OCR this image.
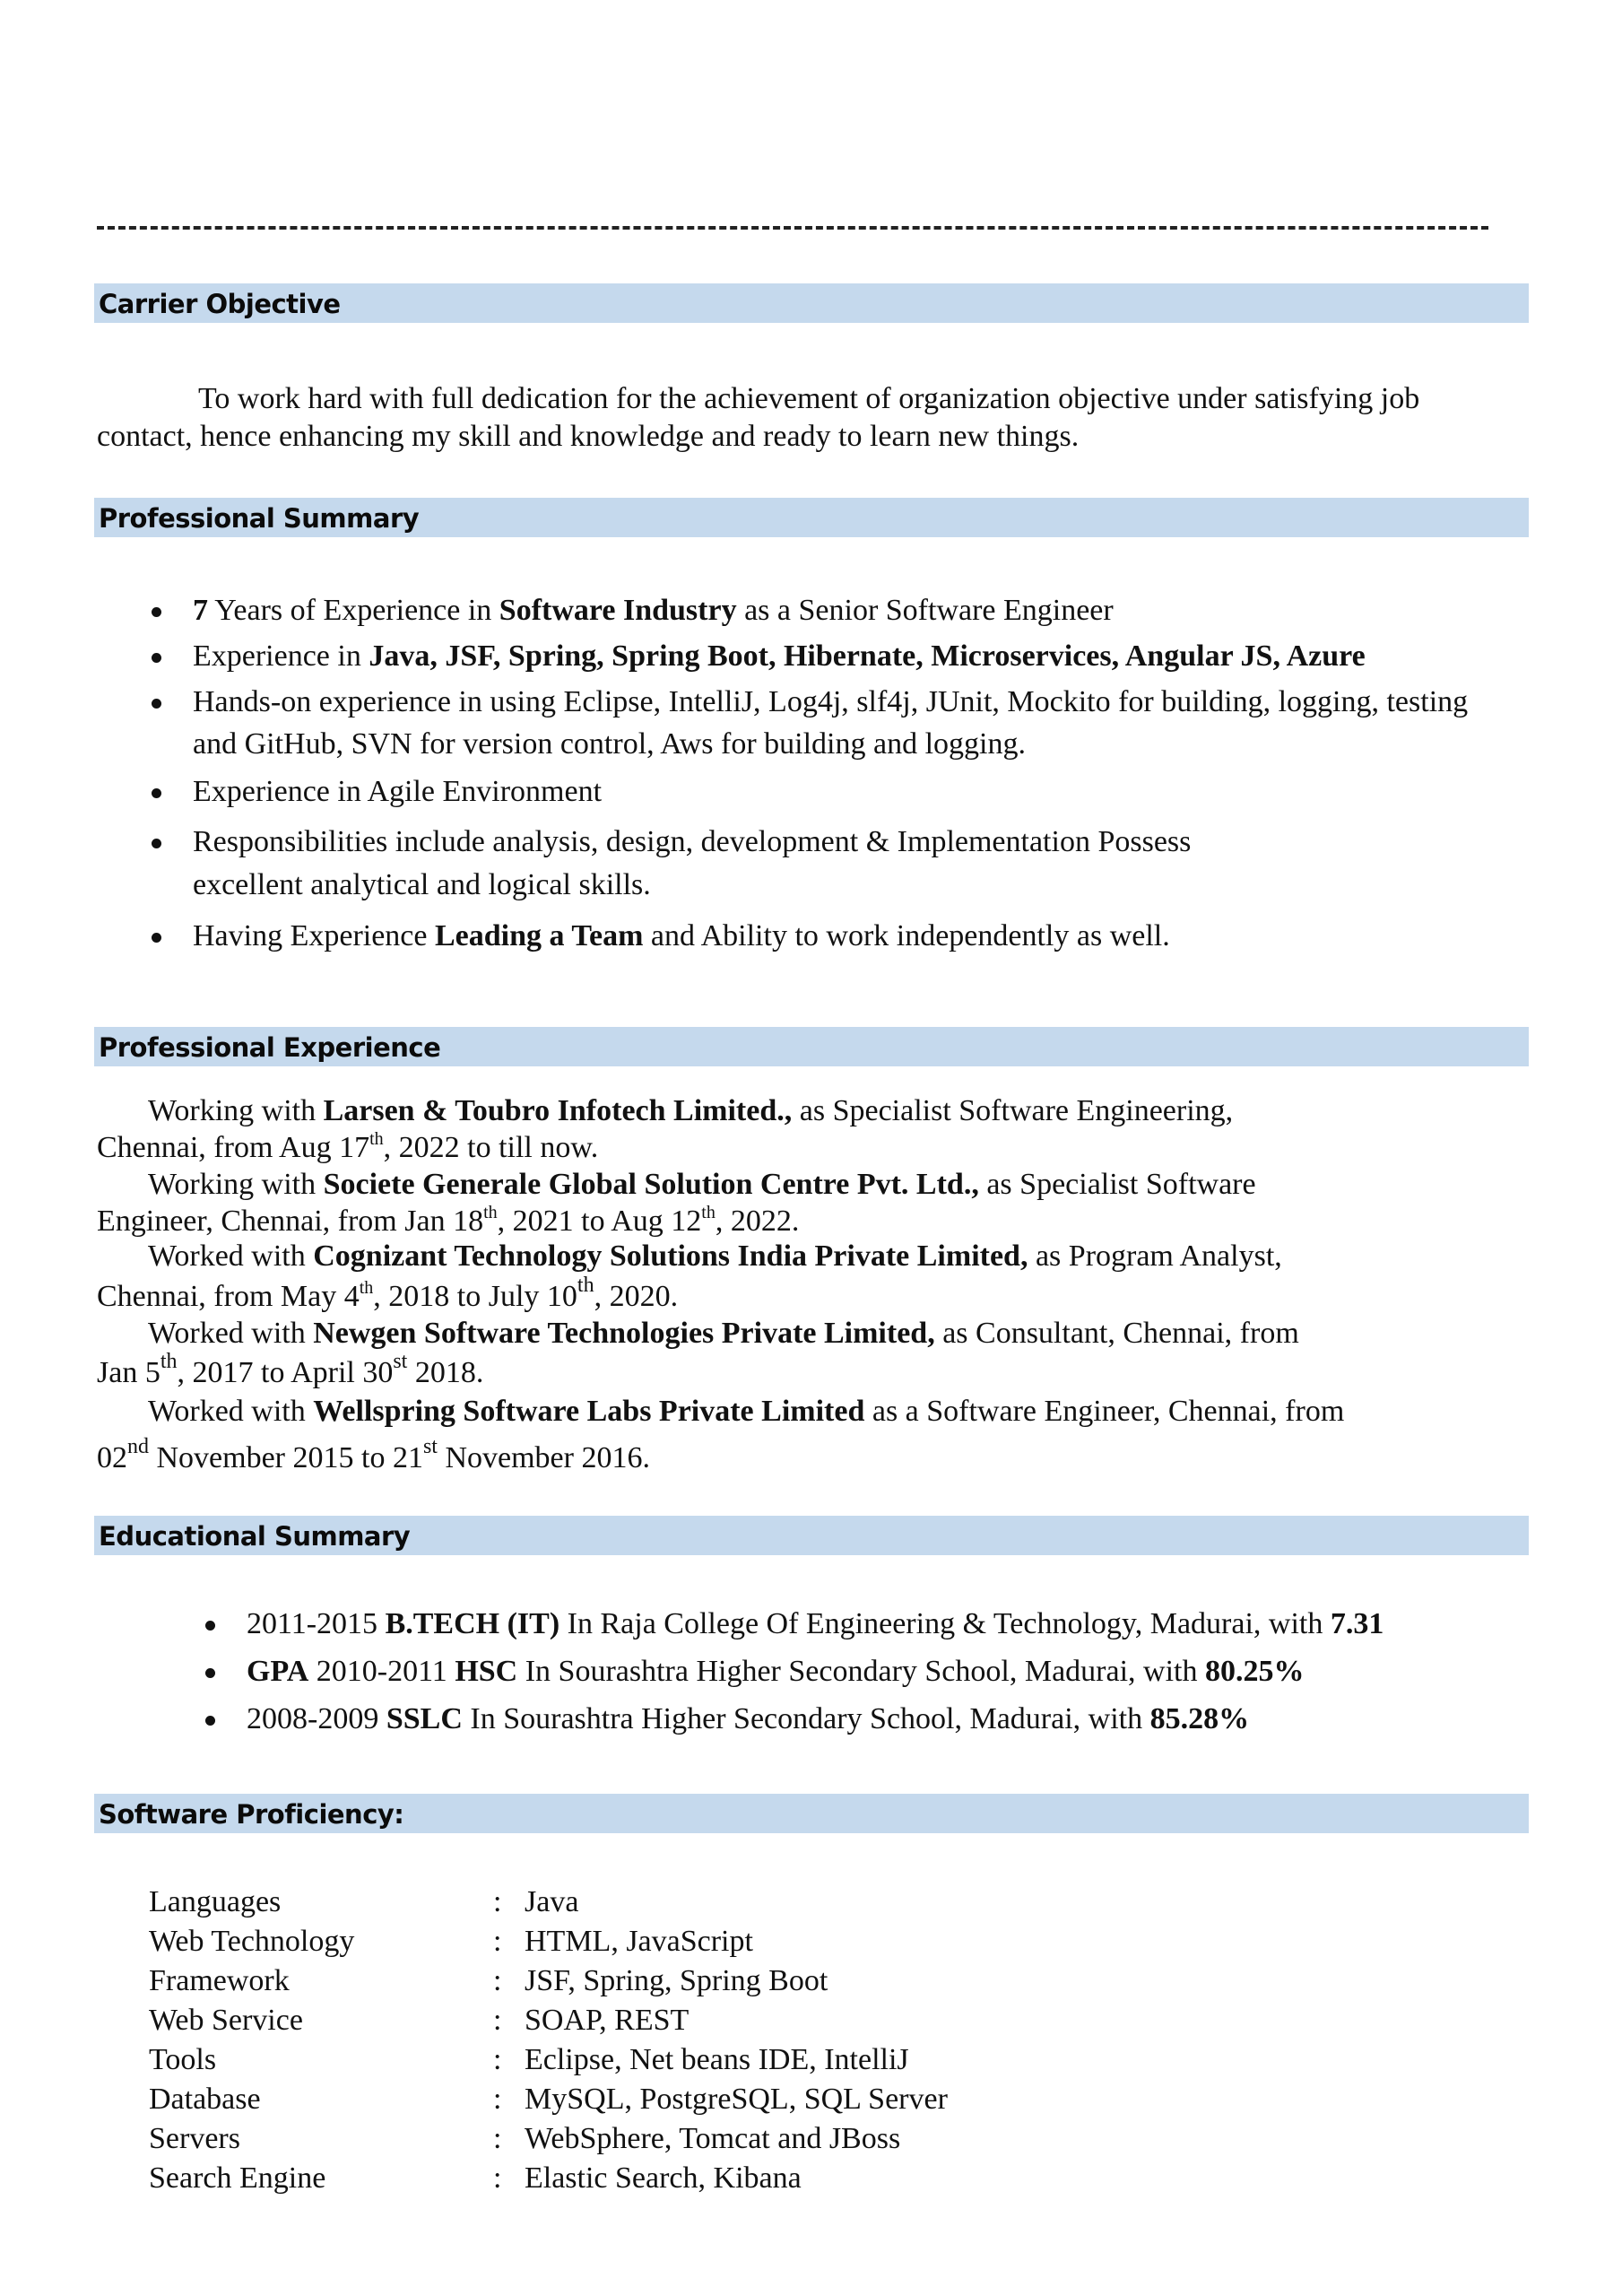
Carrier Objective
To work hard with full dedication for the achievement of organization objective under satisfying job
contact, hence enhancing my skill and knowledge and ready to learn new things.
Professional Summary
7 Years of Experience in Software Industry as a Senior Software Engineer
Experience in Java, JSF, Spring, Spring Boot, Hibernate, Microservices, Angular JS, Azure
Hands-on experience in using Eclipse, IntelliJ, Log4j, slf4j, JUnit, Mockito for building, logging, testing
and GitHub, SVN for version control, Aws for building and logging.
Experience in Agile Environment
Responsibilities include analysis, design, development & Implementation Possess
excellent analytical and logical skills.
Having Experience Leading a Team and Ability to work independently as well.
Professional Experience
Working with Larsen & Toubro Infotech Limited., as Specialist Software Engineering,
Chennai, from Aug 17th, 2022 to till now.
Working with Societe Generale Global Solution Centre Pvt. Ltd., as Specialist Software
Engineer, Chennai, from Jan 18th, 2021 to Aug 12th, 2022.
Worked with Cognizant Technology Solutions India Private Limited, as Program Analyst,
Chennai, from May 4th, 2018 to July 10th, 2020.
Worked with Newgen Software Technologies Private Limited, as Consultant, Chennai, from
Jan 5th, 2017 to April 30st 2018.
Worked with Wellspring Software Labs Private Limited as a Software Engineer, Chennai, from
02nd November 2015 to 21st November 2016.
Educational Summary
2011-2015 B.TECH (IT) In Raja College Of Engineering & Technology, Madurai, with 7.31
GPA 2010-2011 HSC In Sourashtra Higher Secondary School, Madurai, with 80.25%
2008-2009 SSLC In Sourashtra Higher Secondary School, Madurai, with 85.28%
Software Proficiency:
Languages	: Java
Web Technology	: HTML, JavaScript
Framework	: JSF, Spring, Spring Boot
Web Service	: SOAP, REST
Tools	: Eclipse, Net beans IDE, IntelliJ
Database	: MySQL, PostgreSQL, SQL Server
Servers	: WebSphere, Tomcat and JBoss
Search Engine	: Elastic Search, Kibana
